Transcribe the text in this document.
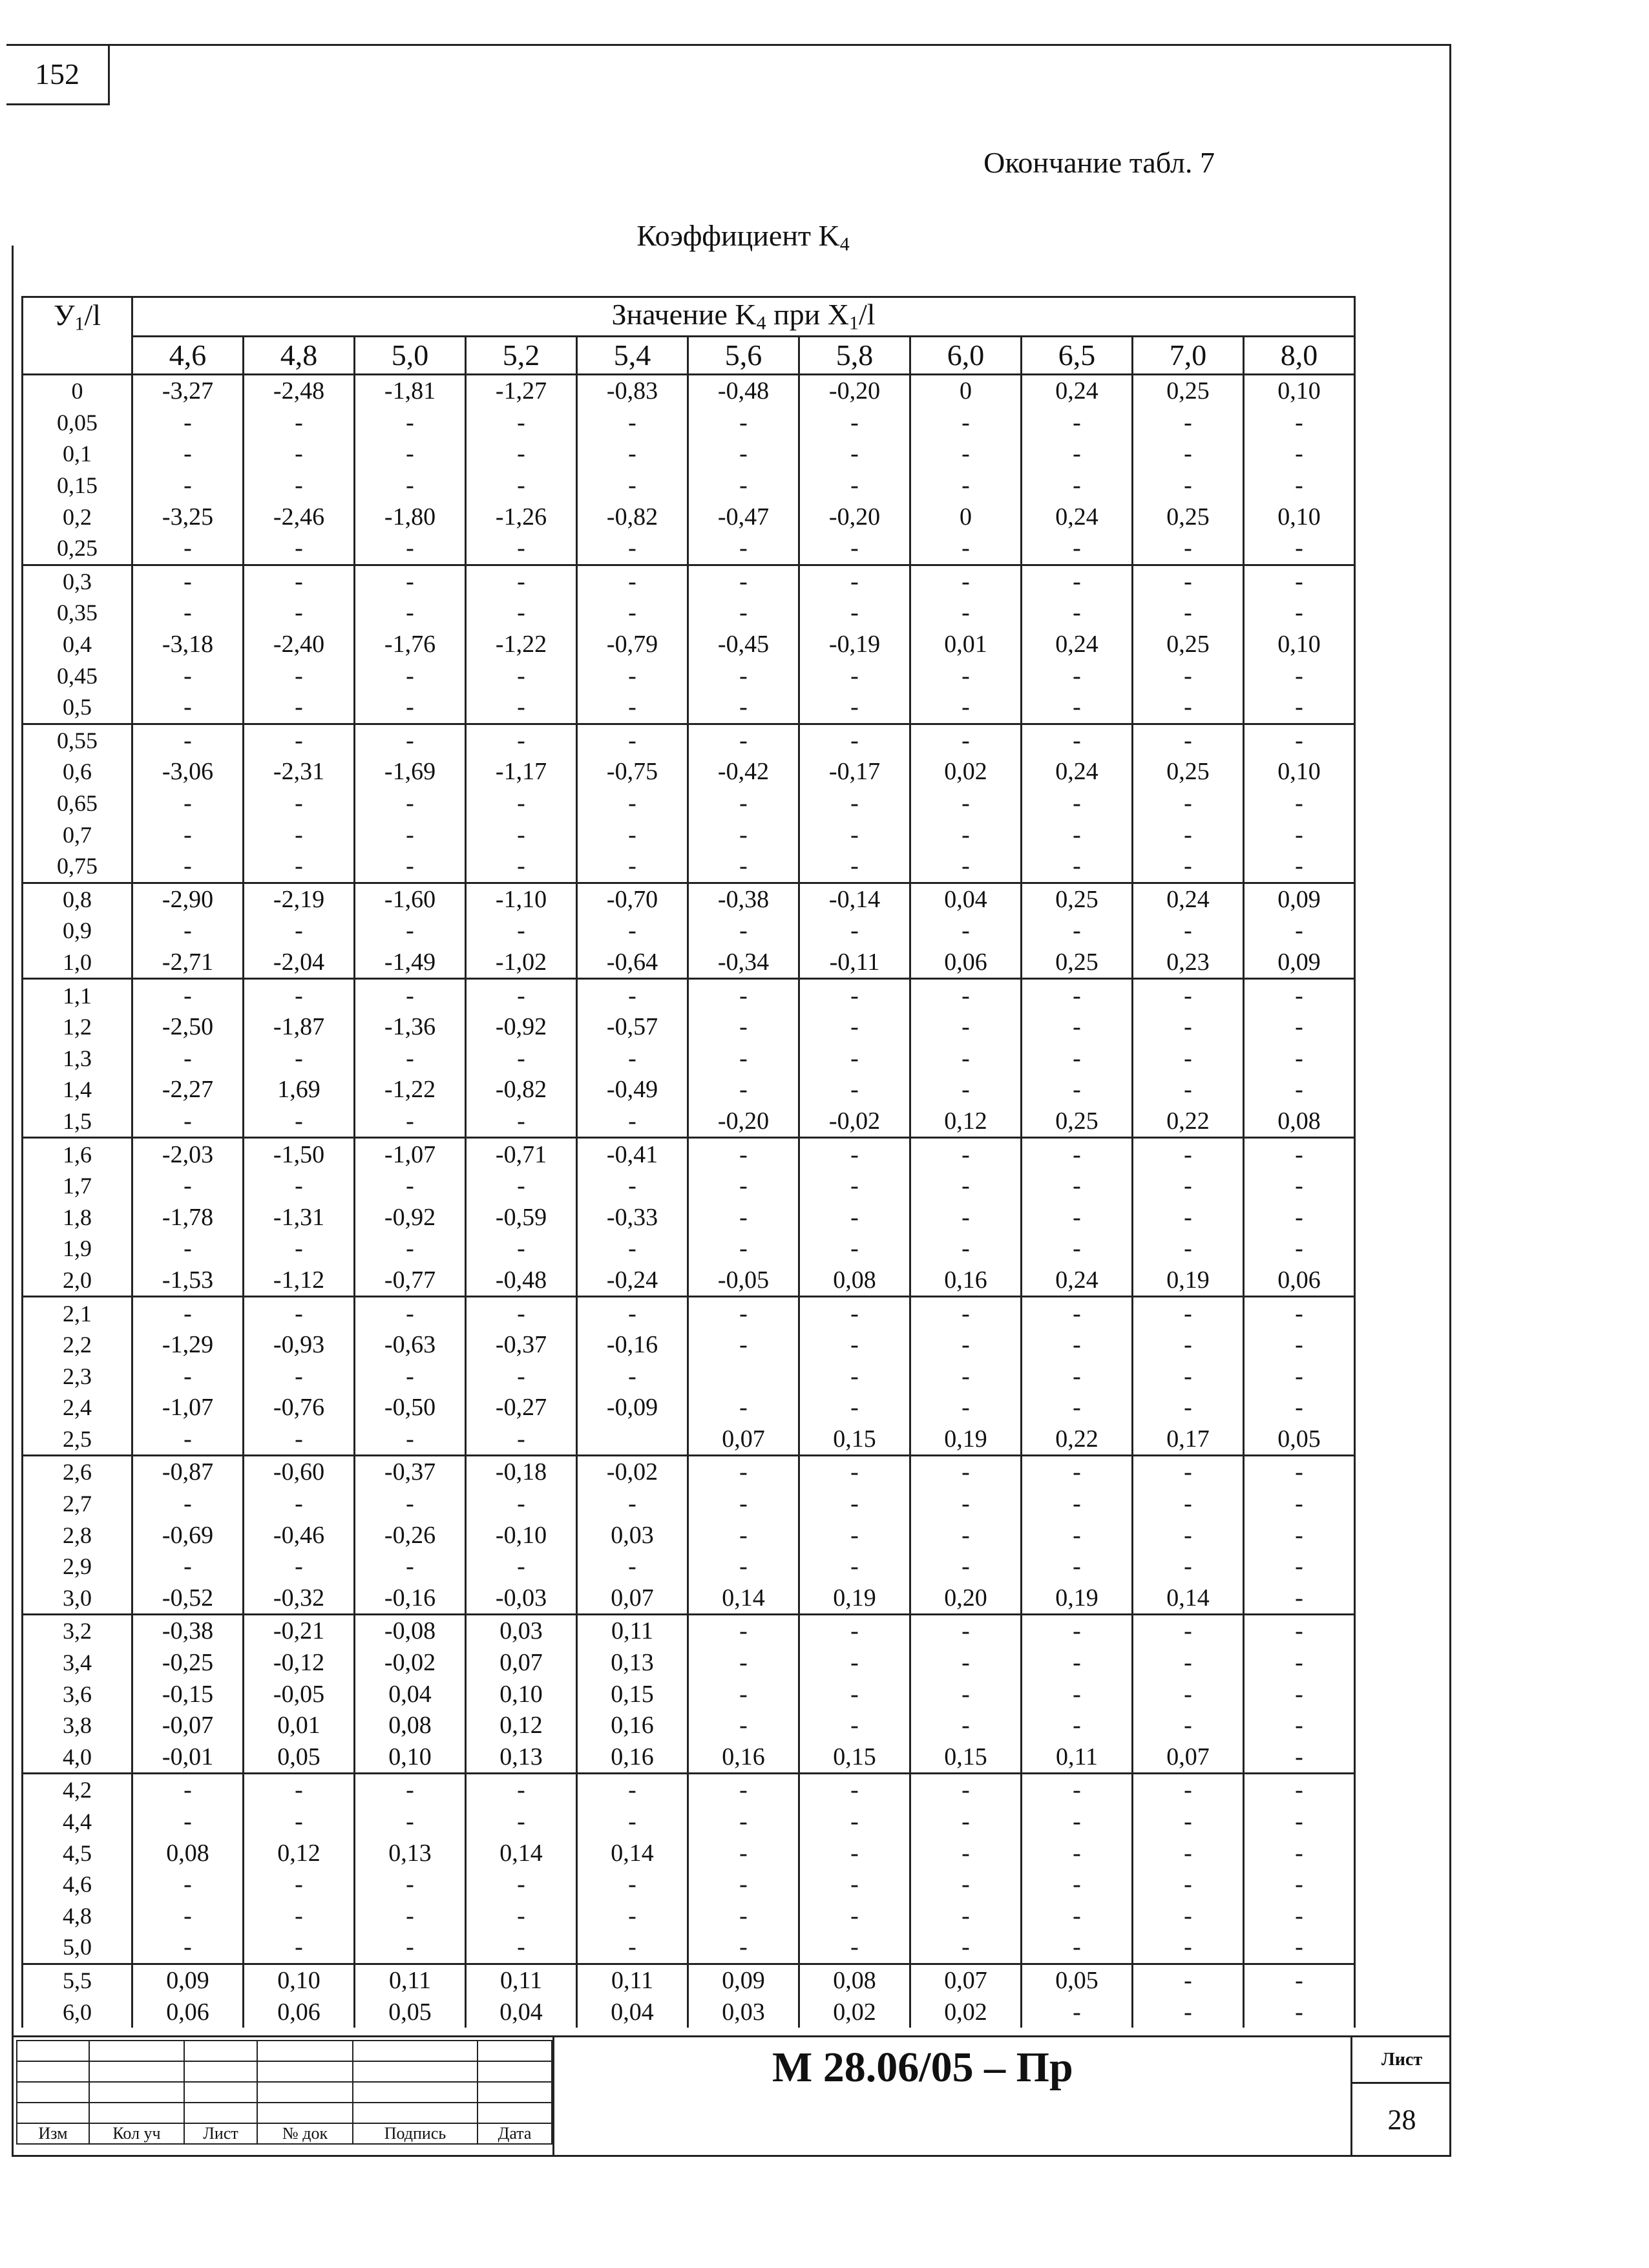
152
Окончание табл. 7
Коэффициент $K_4$
$У_1/l$	Значение $K_4$ при $X_1/l$										
	4,6	4,8	5,0	5,2	5,4	5,6	5,8	6,0	6,5	7,0	8,0
0	-3,27	-2,48	-1,81	-1,27	-0,83	-0,48	-0,20	0	0,24	0,25	0,10
0,05	-	-	-	-	-	-	-	-	-	-	-
0,1	-	-	-	-	-	-	-	-	-	-	-
0,15	-	-	-	-	-	-	-	-	-	-	-
0,2	-3,25	-2,46	-1,80	-1,26	-0,82	-0,47	-0,20	0	0,24	0,25	0,10
0,25	-	-	-	-	-	-	-	-	-	-	-
0,3	-	-	-	-	-	-	-	-	-	-	-
0,35	-	-	-	-	-	-	-	-	-	-	-
0,4	-3,18	-2,40	-1,76	-1,22	-0,79	-0,45	-0,19	0,01	0,24	0,25	0,10
0,45	-	-	-	-	-	-	-	-	-	-	-
0,5	-	-	-	-	-	-	-	-	-	-	-
0,55	-	-	-	-	-	-	-	-	-	-	-
0,6	-3,06	-2,31	-1,69	-1,17	-0,75	-0,42	-0,17	0,02	0,24	0,25	0,10
0,65	-	-	-	-	-	-	-	-	-	-	-
0,7	-	-	-	-	-	-	-	-	-	-	-
0,75	-	-	-	-	-	-	-	-	-	-	-
0,8	-2,90	-2,19	-1,60	-1,10	-0,70	-0,38	-0,14	0,04	0,25	0,24	0,09
0,9	-	-	-	-	-	-	-	-	-	-	-
1,0	-2,71	-2,04	-1,49	-1,02	-0,64	-0,34	-0,11	0,06	0,25	0,23	0,09
1,1	-	-	-	-	-	-	-	-	-	-	-
1,2	-2,50	-1,87	-1,36	-0,92	-0,57	-	-	-	-	-	-
1,3	-	-	-	-	-	-	-	-	-	-	-
1,4	-2,27	1,69	-1,22	-0,82	-0,49	-	-	-	-	-	-
1,5	-	-	-	-	-	-0,20	-0,02	0,12	0,25	0,22	0,08
1,6	-2,03	-1,50	-1,07	-0,71	-0,41	-	-	-	-	-	-
1,7	-	-	-	-	-	-	-	-	-	-	-
1,8	-1,78	-1,31	-0,92	-0,59	-0,33	-	-	-	-	-	-
1,9	-	-	-	-	-	-	-	-	-	-	-
2,0	-1,53	-1,12	-0,77	-0,48	-0,24	-0,05	0,08	0,16	0,24	0,19	0,06
2,1	-	-	-	-	-	-	-	-	-	-	-
2,2	-1,29	-0,93	-0,63	-0,37	-0,16	-	-	-	-	-	-
2,3	-	-	-	-	-		-	-	-	-	-
2,4	-1,07	-0,76	-0,50	-0,27	-0,09	-	-	-	-	-	-
2,5	-	-	-	-		0,07	0,15	0,19	0,22	0,17	0,05
2,6	-0,87	-0,60	-0,37	-0,18	-0,02	-	-	-	-	-	-
2,7	-	-	-	-	-	-	-	-	-	-	-
2,8	-0,69	-0,46	-0,26	-0,10	0,03	-	-	-	-	-	-
2,9	-	-	-	-	-	-	-	-	-	-	-
3,0	-0,52	-0,32	-0,16	-0,03	0,07	0,14	0,19	0,20	0,19	0,14	-
3,2	-0,38	-0,21	-0,08	0,03	0,11	-	-	-	-	-	-
3,4	-0,25	-0,12	-0,02	0,07	0,13	-	-	-	-	-	-
3,6	-0,15	-0,05	0,04	0,10	0,15	-	-	-	-	-	-
3,8	-0,07	0,01	0,08	0,12	0,16	-	-	-	-	-	-
4,0	-0,01	0,05	0,10	0,13	0,16	0,16	0,15	0,15	0,11	0,07	-
4,2	-	-	-	-	-	-	-	-	-	-	-
4,4	-	-	-	-	-	-	-	-	-	-	-
4,5	0,08	0,12	0,13	0,14	0,14	-	-	-	-	-	-
4,6	-	-	-	-	-	-	-	-	-	-	-
4,8	-	-	-	-	-	-	-	-	-	-	-
5,0	-	-	-	-	-	-	-	-	-	-	-
5,5	0,09	0,10	0,11	0,11	0,11	0,09	0,08	0,07	0,05	-	-
6,0	0,06	0,06	0,05	0,04	0,04	0,03	0,02	0,02	-	-	-

Изм	Кол уч	Лист	№ док	Подпись	Дата
М 28.06/05 – Пр	Лист
28
